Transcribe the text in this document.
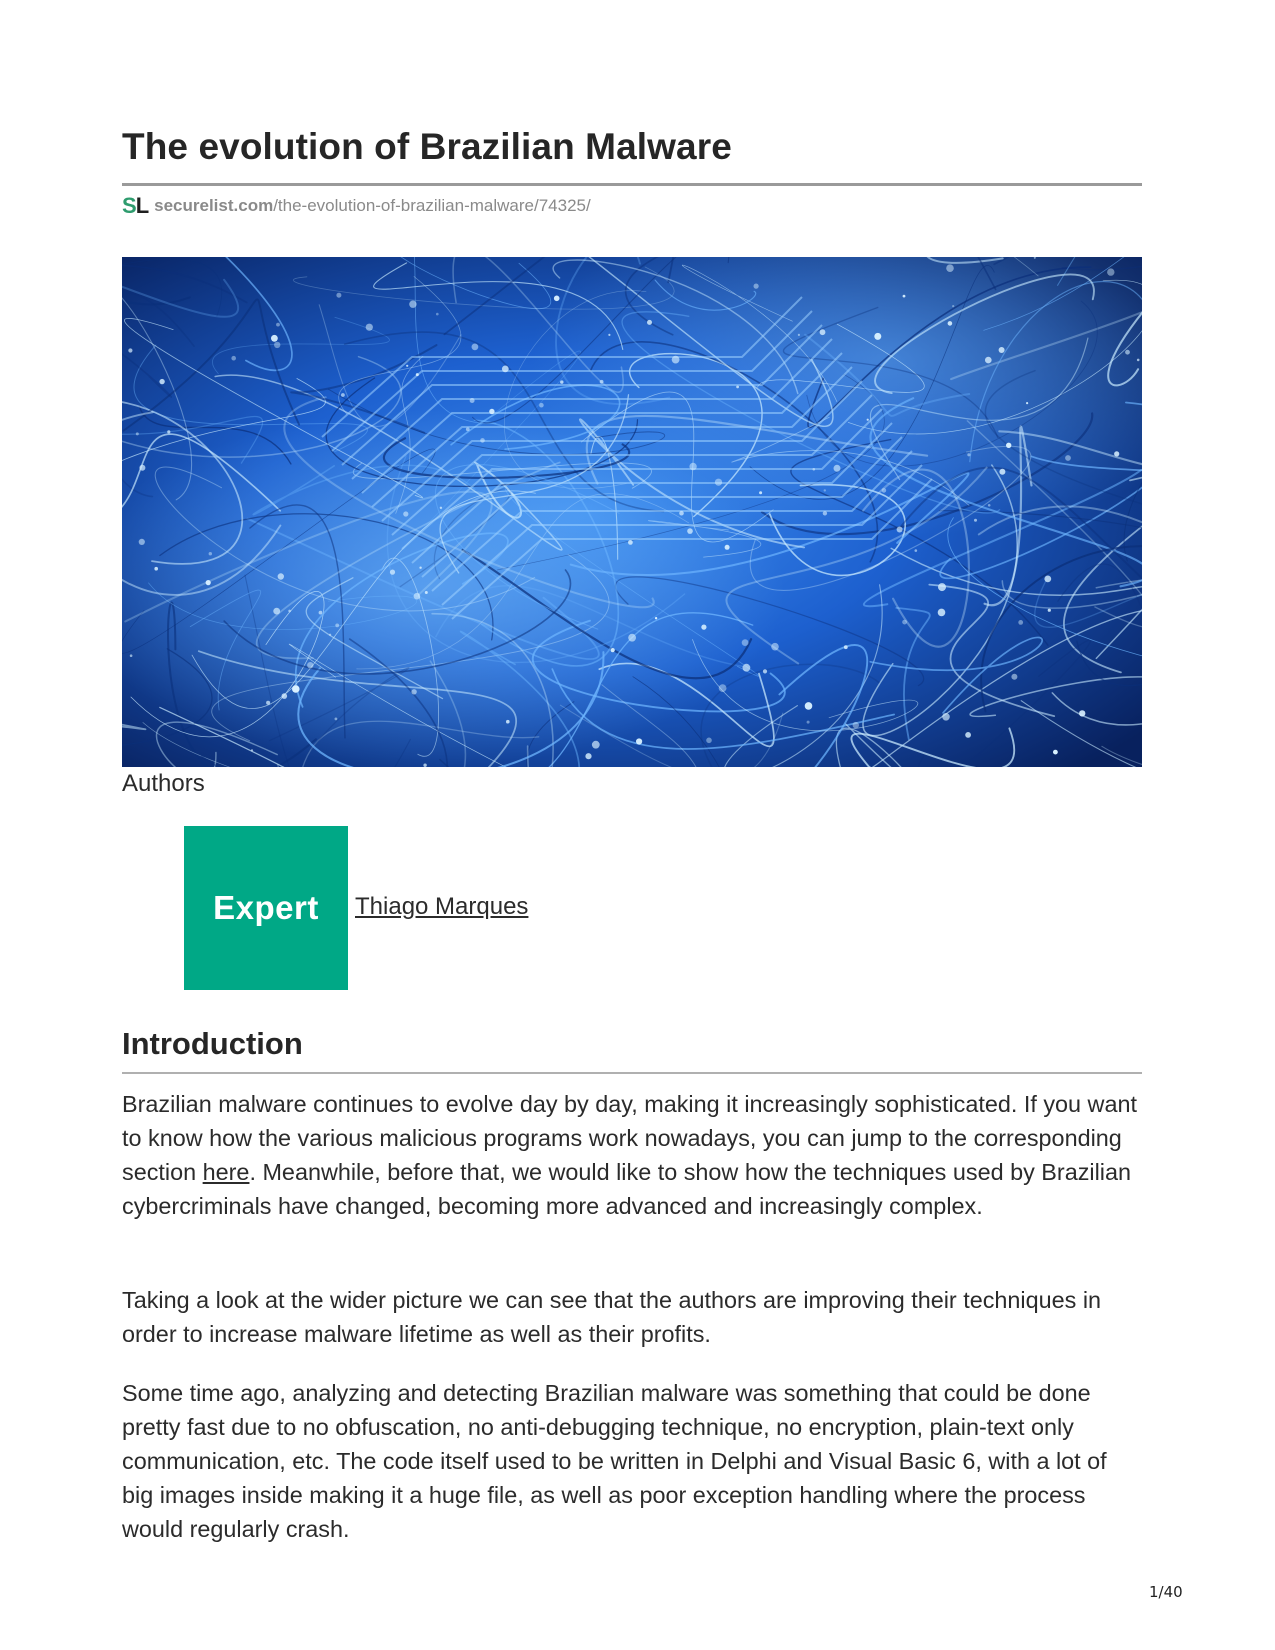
The evolution of Brazilian Malware
SL securelist.com /the-evolution-of-brazilian-malware/74325/
Authors
Expert Thiago Marques
Introduction

Brazilian malware continues to evolve day by day, making it increasingly sophisticated. If you want to know how the various malicious programs work nowadays, you can jump to the corresponding section here. Meanwhile, before that, we would like to show how the techniques used by Brazilian cybercriminals have changed, becoming more advanced and increasingly complex.

Taking a look at the wider picture we can see that the authors are improving their techniques in order to increase malware lifetime as well as their profits.

Some time ago, analyzing and detecting Brazilian malware was something that could be done pretty fast due to no obfuscation, no anti-debugging technique, no encryption, plain-text only communication, etc. The code itself used to be written in Delphi and Visual Basic 6, with a lot of big images inside making it a huge file, as well as poor exception handling where the process would regularly crash.

1/40
